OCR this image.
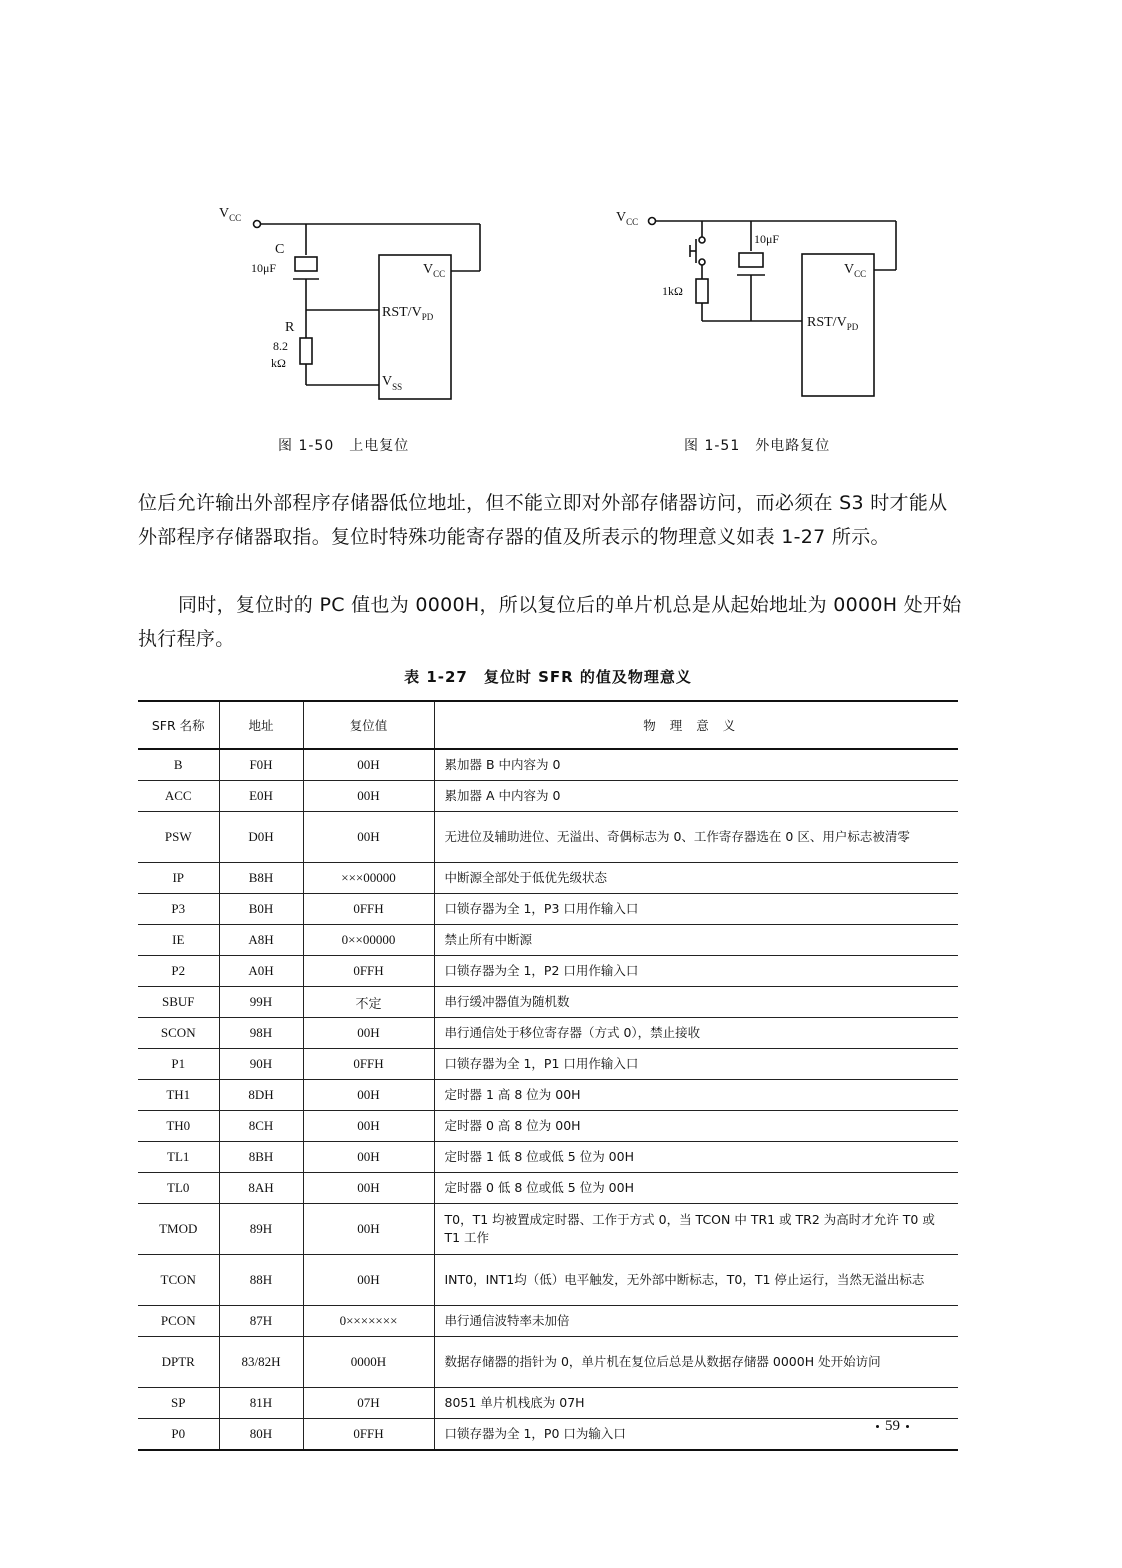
$V_{CC}$
C
10μF
R
8.2
kΩ
$V_{CC}$
RST/$V_{PD}$
$V_{SS}$
图 1-50　上电复位
$V_{CC}$
10μF
1kΩ
$V_{CC}$
RST/$V_{PD}$
图 1-51　外电路复位

位后允许输出外部程序存储器低位地址，但不能立即对外部存储器访问，而必须在 S3 时才能从外部程序存储器取指。复位时特殊功能寄存器的值及所表示的物理意义如表 1-27 所示。

同时，复位时的 PC 值也为 0000H，所以复位后的单片机总是从起始地址为 0000H 处开始执行程序。

表 1-27　复位时 SFR 的值及物理意义
SFR 名称	地址	复位值	物理意义
B	F0H	00H	累加器 B 中内容为 0
ACC	E0H	00H	累加器 A 中内容为 0
PSW	D0H	00H	无进位及辅助进位、无溢出、奇偶标志为 0、工作寄存器选在 0 区、用户标志被清零
IP	B8H	×××00000	中断源全部处于低优先级状态
P3	B0H	0FFH	口锁存器为全 1，P3 口用作输入口
IE	A8H	0××00000	禁止所有中断源
P2	A0H	0FFH	口锁存器为全 1，P2 口用作输入口
SBUF	99H	不定	串行缓冲器值为随机数
SCON	98H	00H	串行通信处于移位寄存器（方式 0），禁止接收
P1	90H	0FFH	口锁存器为全 1，P1 口用作输入口
TH1	8DH	00H	定时器 1 高 8 位为 00H
TH0	8CH	00H	定时器 0 高 8 位为 00H
TL1	8BH	00H	定时器 1 低 8 位或低 5 位为 00H
TL0	8AH	00H	定时器 0 低 8 位或低 5 位为 00H
TMOD	89H	00H	T0，T1 均被置成定时器、工作于方式 0，当 TCON 中 TR1 或 TR2 为高时才允许 T0 或 T1 工作
TCON	88H	00H	INT0，INT1均（低）电平触发，无外部中断标志，T0，T1 停止运行，当然无溢出标志
PCON	87H	0×××××××	串行通信波特率未加倍
DPTR	83/82H	0000H	数据存储器的指针为 0，单片机在复位后总是从数据存储器 0000H 处开始访问
SP	81H	07H	8051 单片机栈底为 07H
P0	80H	0FFH	口锁存器为全 1，P0 口为输入口	59
